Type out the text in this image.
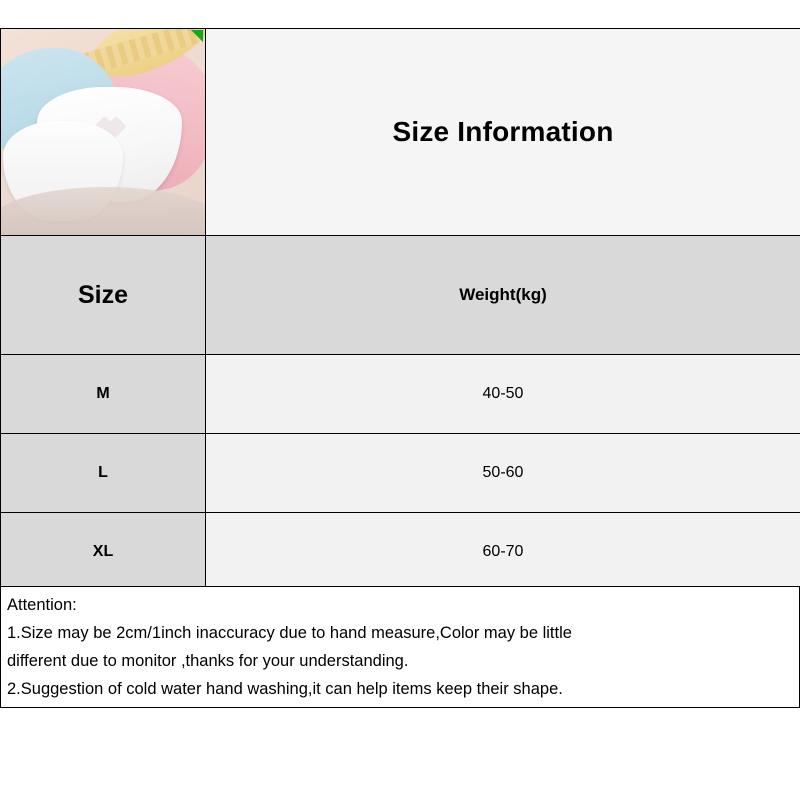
	Size Information

Size	Weight(kg)
M	40-50
L	50-60
XL	60-70

Attention:

1.Size may be 2cm/1inch inaccuracy due to hand measure,Color may be little

different due to monitor ,thanks for your understanding.

2.Suggestion of cold water hand washing,it can help items keep their shape.
